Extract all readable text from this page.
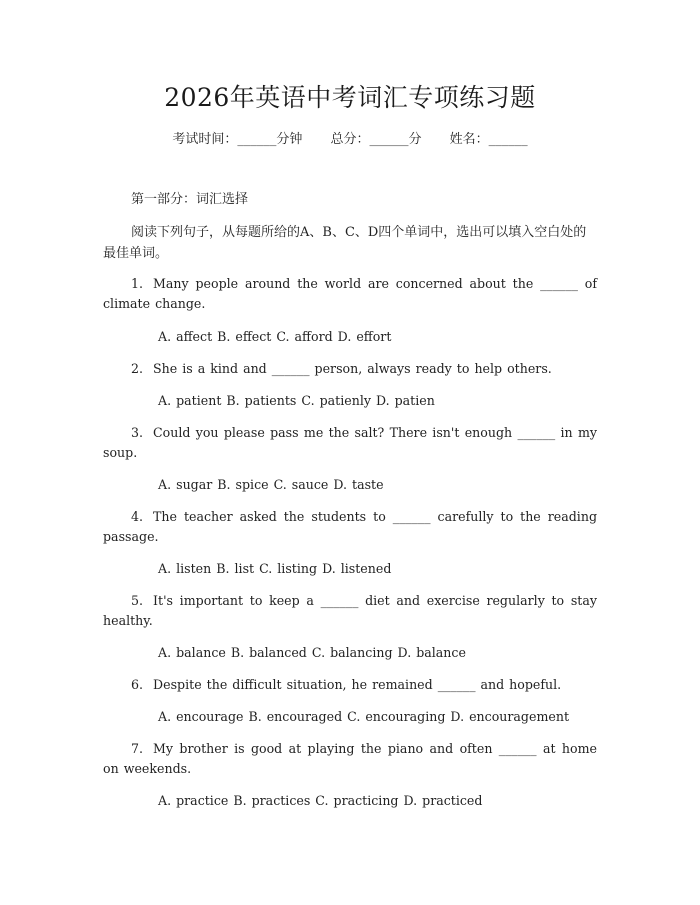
2026年英语中考词汇专项练习题
考试时间：______分钟 总分：______分 姓名：______
第一部分：词汇选择
阅读下列句子，从每题所给的A、B、C、D四个单词中，选出可以填入空白处的最佳单词。
1. Many people around the world are concerned about the ______ of climate change.
A. affect B. effect C. afford D. effort
2. She is a kind and ______ person, always ready to help others.
A. patient B. patients C. patienly D. patien
3. Could you please pass me the salt? There isn't enough ______ in my soup.
A. sugar B. spice C. sauce D. taste
4. The teacher asked the students to ______ carefully to the reading passage.
A. listen B. list C. listing D. listened
5. It's important to keep a ______ diet and exercise regularly to stay healthy.
A. balance B. balanced C. balancing D. balance
6. Despite the difficult situation, he remained ______ and hopeful.
A. encourage B. encouraged C. encouraging D. encouragement
7. My brother is good at playing the piano and often ______ at home on weekends.
A. practice B. practices C. practicing D. practiced
